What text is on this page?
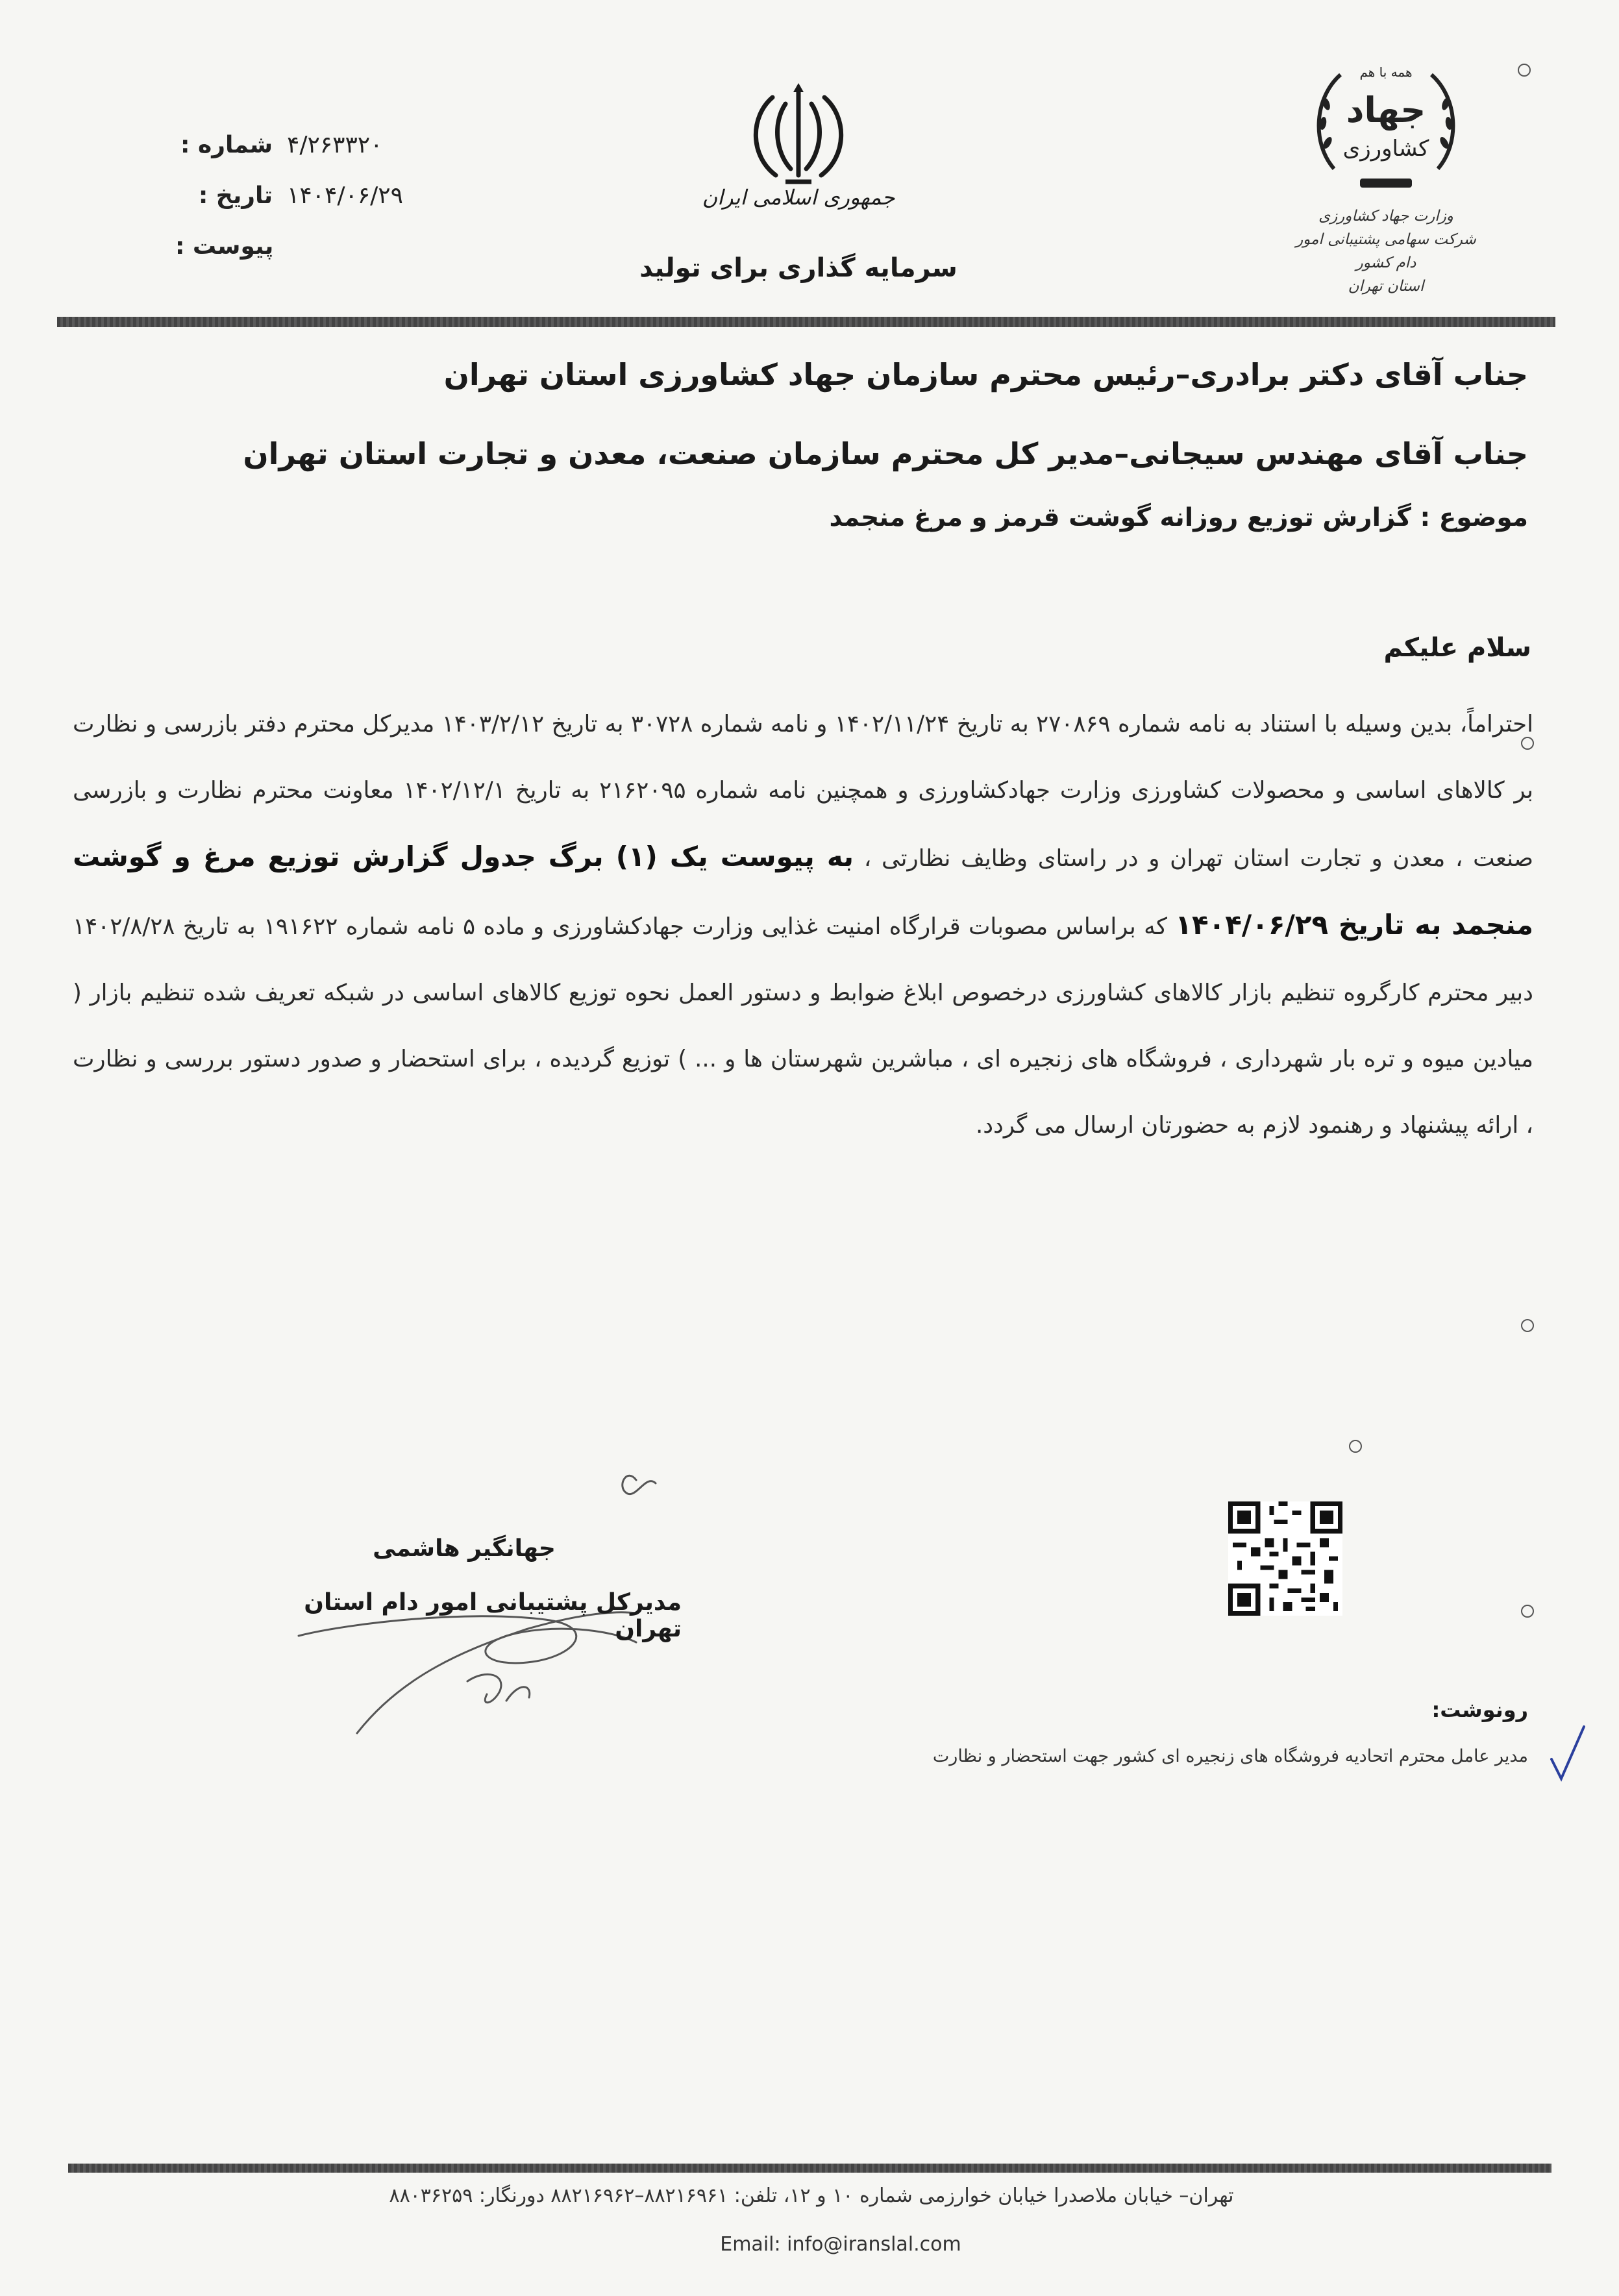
شماره : ۴/۲۶۳۳۲۰
تاریخ : ۱۴۰۴/۰۶/۲۹
پیوست :
جمهوری اسلامی ایران
سرمایه گذاری برای تولید
همه با هم
جهاد
کشاورزی
وزارت جهاد کشاورزی
شرکت سهامی پشتیبانی امور دام کشور
استان تهران
جناب آقای دکتر برادری–رئیس محترم سازمان جهاد کشاورزی استان تهران
جناب آقای مهندس سیجانی–مدیر کل محترم سازمان صنعت، معدن و تجارت استان تهران
موضوع : گزارش توزیع روزانه گوشت قرمز و مرغ منجمد
سلام علیکم
احتراماً، بدین وسیله با استناد به نامه شماره ۲۷۰۸۶۹ به تاریخ ۱۴۰۲/۱۱/۲۴ و نامه شماره ۳۰۷۲۸ به تاریخ ۱۴۰۳/۲/۱۲ مدیرکل محترم دفتر بازرسی و نظارت بر کالاهای اساسی و محصولات کشاورزی وزارت جهادکشاورزی و همچنین نامه شماره ۲۱۶۲۰۹۵ به تاریخ ۱۴۰۲/۱۲/۱ معاونت محترم نظارت و بازرسی صنعت ، معدن و تجارت استان تهران و در راستای وظایف نظارتی ، به پیوست یک (۱) برگ جدول گزارش توزیع مرغ و گوشت منجمد به تاریخ ۱۴۰۴/۰۶/۲۹ که براساس مصوبات قرارگاه امنیت غذایی وزارت جهادکشاورزی و ماده ۵ نامه شماره ۱۹۱۶۲۲ به تاریخ ۱۴۰۲/۸/۲۸ دبیر محترم کارگروه تنظیم بازار کالاهای کشاورزی درخصوص ابلاغ ضوابط و دستور العمل نحوه توزیع کالاهای اساسی در شبکه تعریف شده تنظیم بازار ( میادین میوه و تره بار شهرداری ، فروشگاه های زنجیره ای ، مباشرین شهرستان ها و ... ) توزیع گردیده ، برای استحضار و صدور دستور بررسی و نظارت ، ارائه پیشنهاد و رهنمود لازم به حضورتان ارسال می گردد.
جهانگیر هاشمی
مدیرکل پشتیبانی امور دام استان تهران
رونوشت:
مدیر عامل محترم اتحادیه فروشگاه های زنجیره ای کشور جهت استحضار و نظارت
تهران– خیابان ملاصدرا خیابان خوارزمی شماره ۱۰ و ۱۲، تلفن: ۸۸۲۱۶۹۶۱–۸۸۲۱۶۹۶۲ دورنگار: ۸۸۰۳۶۲۵۹
Email: info@iranslal.com
